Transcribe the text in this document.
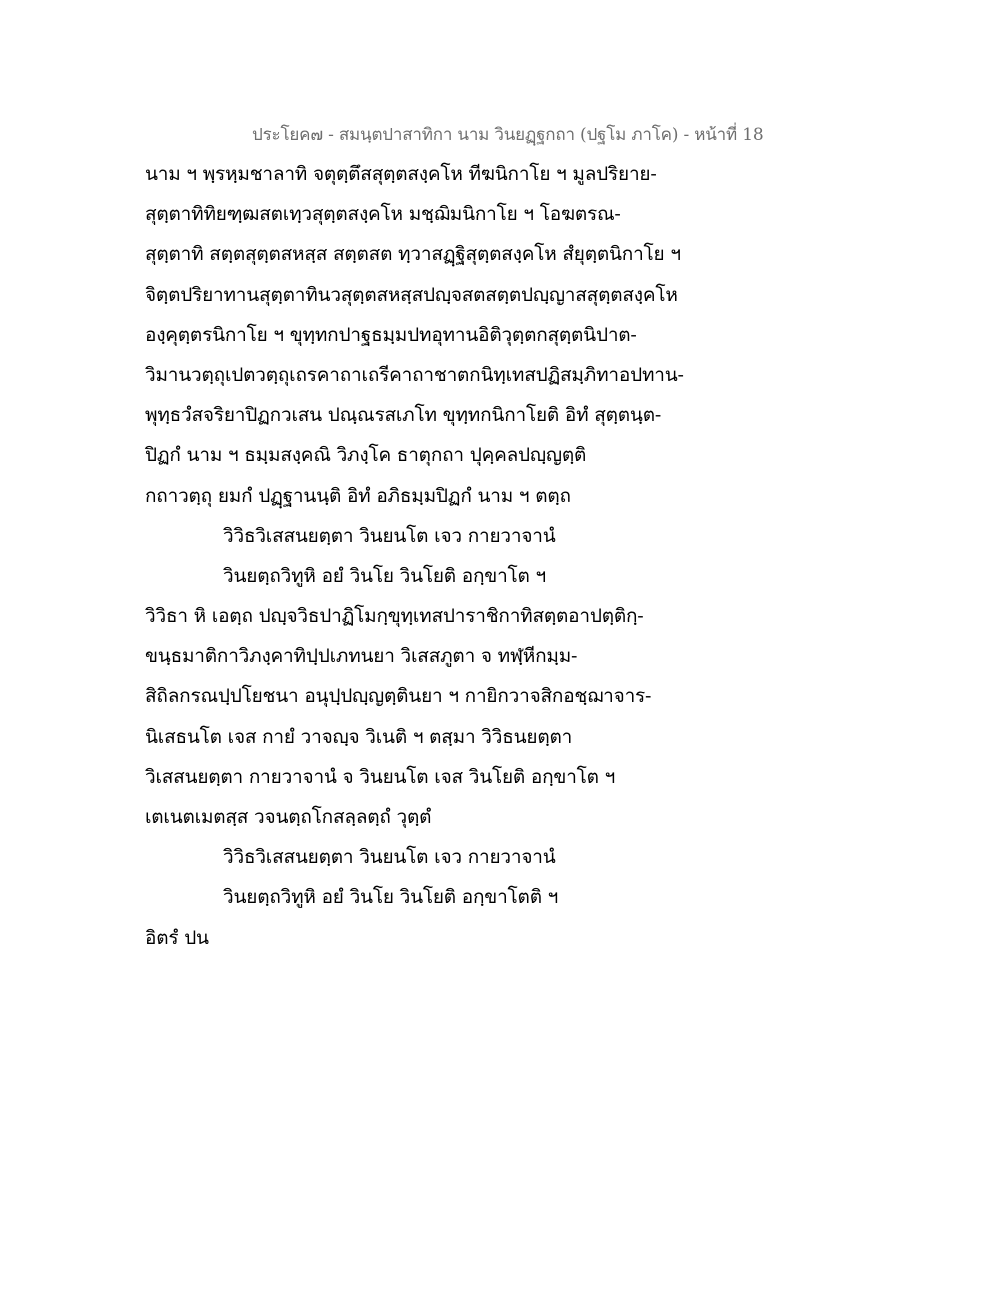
ประโยค๗ - สมนฺตปาสาทิกา นาม วินยฏฺฐกถา (ปฐโม ภาโค) - หน้าที่ 18
นาม ฯ พฺรหฺมชาลาทิ จตุตฺตึสสุตฺตสงฺคโห ทีฆนิกาโย ฯ มูลปริยาย-
สุตฺตาทิทิยฑฺฒสตเทฺวสุตฺตสงฺคโห มชฺฌิมนิกาโย ฯ โอฆตรณ-
สุตฺตาทิ สตฺตสุตฺตสหสฺส สตฺตสต ทฺวาสฏฺฐิสุตฺตสงฺคโห สํยุตฺตนิกาโย ฯ
จิตฺตปริยาทานสุตฺตาทินวสุตฺตสหสฺสปญฺจสตสตฺตปญฺญาสสุตฺตสงฺคโห
องฺคุตฺตรนิกาโย ฯ ขุทฺทกปาฐธมฺมปทอุทานอิติวุตฺตกสุตฺตนิปาต-
วิมานวตฺถุเปตวตฺถุเถรคาถาเถรีคาถาชาตกนิทฺเทสปฏิสมฺภิทาอปทาน-
พุทฺธวํสจริยาปิฏกวเสน ปณฺณรสเภโท ขุทฺทกนิกาโยติ อิทํ สุตฺตนฺต-
ปิฏกํ นาม ฯ ธมฺมสงฺคณิ วิภงฺโค ธาตุกถา ปุคฺคลปญฺญตฺติ
กถาวตฺถุ ยมกํ ปฏฺฐานนฺติ อิทํ อภิธมฺมปิฏกํ นาม ฯ ตตฺถ
วิวิธวิเสสนยตฺตา วินยนโต เจว กายวาจานํ
วินยตฺถวิทูหิ อยํ วินโย วินโยติ อกฺขาโต ฯ
วิวิธา หิ เอตฺถ ปญฺจวิธปาฏิโมกฺขุทฺเทสปาราชิกาทิสตฺตอาปตฺติกฺ-
ขนฺธมาติกาวิภงฺคาทิปฺปเภทนยา วิเสสภูตา จ ทฬฺหีกมฺม-
สิถิลกรณปฺปโยชนา อนุปฺปญฺญตฺตินยา ฯ กายิกวาจสิกอชฺฌาจาร-
นิเสธนโต เจส กายํ วาจญฺจ วิเนติ ฯ ตสฺมา วิวิธนยตฺตา
วิเสสนยตฺตา กายวาจานํ จ วินยนโต เจส วินโยติ อกฺขาโต ฯ
เตเนตเมตสฺส วจนตฺถโกสลฺลตฺถํ วุตฺตํ
วิวิธวิเสสนยตฺตา วินยนโต เจว กายวาจานํ
วินยตฺถวิทูหิ อยํ วินโย วินโยติ อกฺขาโตติ ฯ
อิตรํ ปน
